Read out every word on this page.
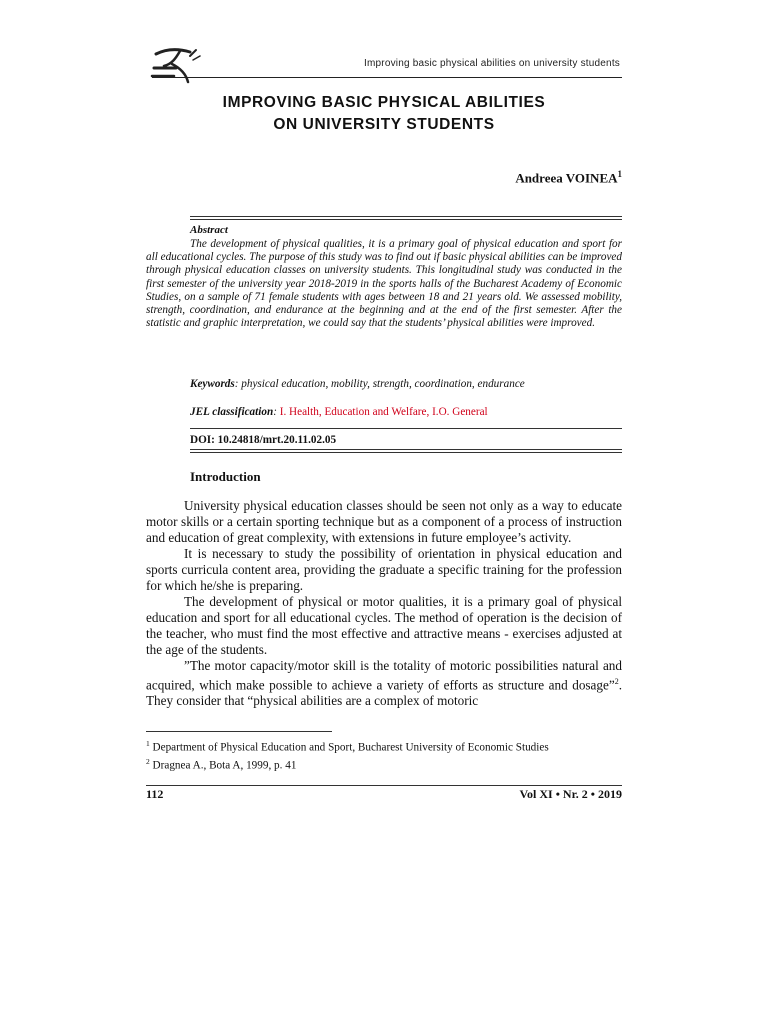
Improving basic physical abilities on university students
IMPROVING BASIC PHYSICAL ABILITIES
ON UNIVERSITY STUDENTS
Andreea VOINEA$^1$
Abstract

The development of physical qualities, it is a primary goal of physical education and sport for all educational cycles. The purpose of this study was to find out if basic physical abilities can be improved through physical education classes on university students. This longitudinal study was conducted in the first semester of the university year 2018-2019 in the sports halls of the Bucharest Academy of Economic Studies, on a sample of 71 female students with ages between 18 and 21 years old. We assessed mobility, strength, coordination, and endurance at the beginning and at the end of the first semester. After the statistic and graphic interpretation, we could say that the students’ physical abilities were improved.

Keywords: physical education, mobility, strength, coordination, endurance
JEL classification: I. Health, Education and Welfare, I.O. General
DOI: 10.24818/mrt.20.11.02.05
Introduction

University physical education classes should be seen not only as a way to educate motor skills or a certain sporting technique but as a component of a process of instruction and education of great complexity, with extensions in future employee’s activity.

It is necessary to study the possibility of orientation in physical education and sports curricula content area, providing the graduate a specific training for the profession for which he/she is preparing.

The development of physical or motor qualities, it is a primary goal of physical education and sport for all educational cycles. The method of operation is the decision of the teacher, who must find the most effective and attractive means - exercises adjusted at the age of the students.

”The motor capacity/motor skill is the totality of motoric possibilities natural and acquired, which make possible to achieve a variety of efforts as structure and dosage”$^2$. They consider that “physical abilities are a complex of motoric

$^1$ Department of Physical Education and Sport, Bucharest University of Economic Studies
$^2$ Dragnea A., Bota A, 1999, p. 41
112	Vol XI • Nr. 2 • 2019
